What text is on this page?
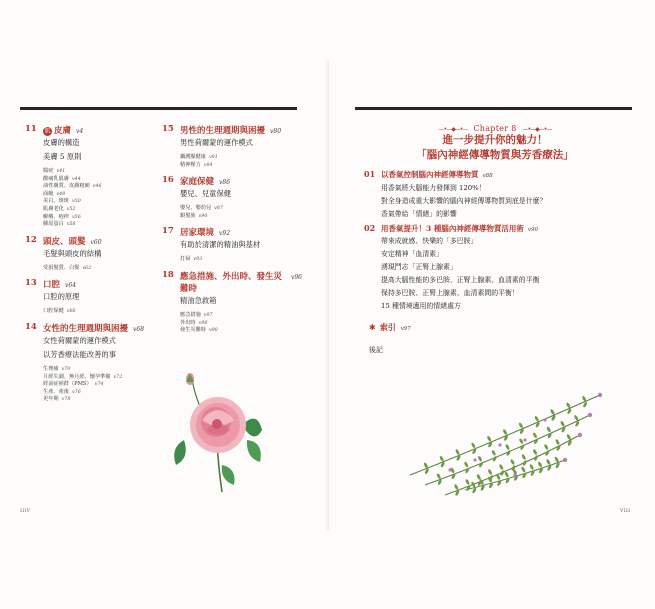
11 肌 皮膚 v4
皮膚的構造
美膚 5 原則
醫疣 v41
酸痛乳肌膚 v44
油性膚質、皮膚粗硬 v46
面皰 v48
美白、斑斑 v50
肌膚老化 v52
癬癢、疱疹 v56
膠原蛋白 v58
12 頭皮、頭髮 v60
毛髮與頭皮的結構
受損髮質、白髮 v62
13 口腔 v64
口腔的原理
口腔保健 v66
14 女性的生理週期與困擾 v68
女性荷爾蒙的運作模式
以芳香療法能改善的事
生理痛 v70
月經失調、無月經、懷孕準備 v72
經前症候群（PMS） v74
生產、產後 v76
更年期 v78
15 男性的生理週期與困擾 v80
男性荷爾蒙的運作模式
攝護腺健康 v81
精神壓力 v84
16 家庭保健 v86
嬰兒、兒童保健
嬰兒、嬰幼兒 v87
銀髮族 v90
17 居家環境 v92
有助於清潔的精油與基材
打掃 v93
18 應急措施、外出時、發生災難時
v96
精油急救箱
應急措施 v97
外出時 v98
發生災難時 v98
—•—◆—•— Chapter 8 —•—◆—•—
進一步提升你的魅力！
「腦內神經傳導物質與芳香療法」
01 以香氣控制腦內神經傳導物質 v88
用香氣將大腦能力發揮到 120%！
對全身造成重大影響的腦內神經傳導物質到底是什麼？
香氣帶給「情緒」的影響
02 用香氣提升！3 種腦內神經傳導物質活用術 v90
帶來成就感、快樂的「多巴胺」
安定精神「血清素」
湧現鬥志「正腎上腺素」
提高大腦性能的多巴胺、正腎上腺素、血清素的平衡
保持多巴胺、正腎上腺素、血清素間的平衡！
15 種情境適用的情緒處方
✱ 索引 v97
後記
ıııv	vııı
